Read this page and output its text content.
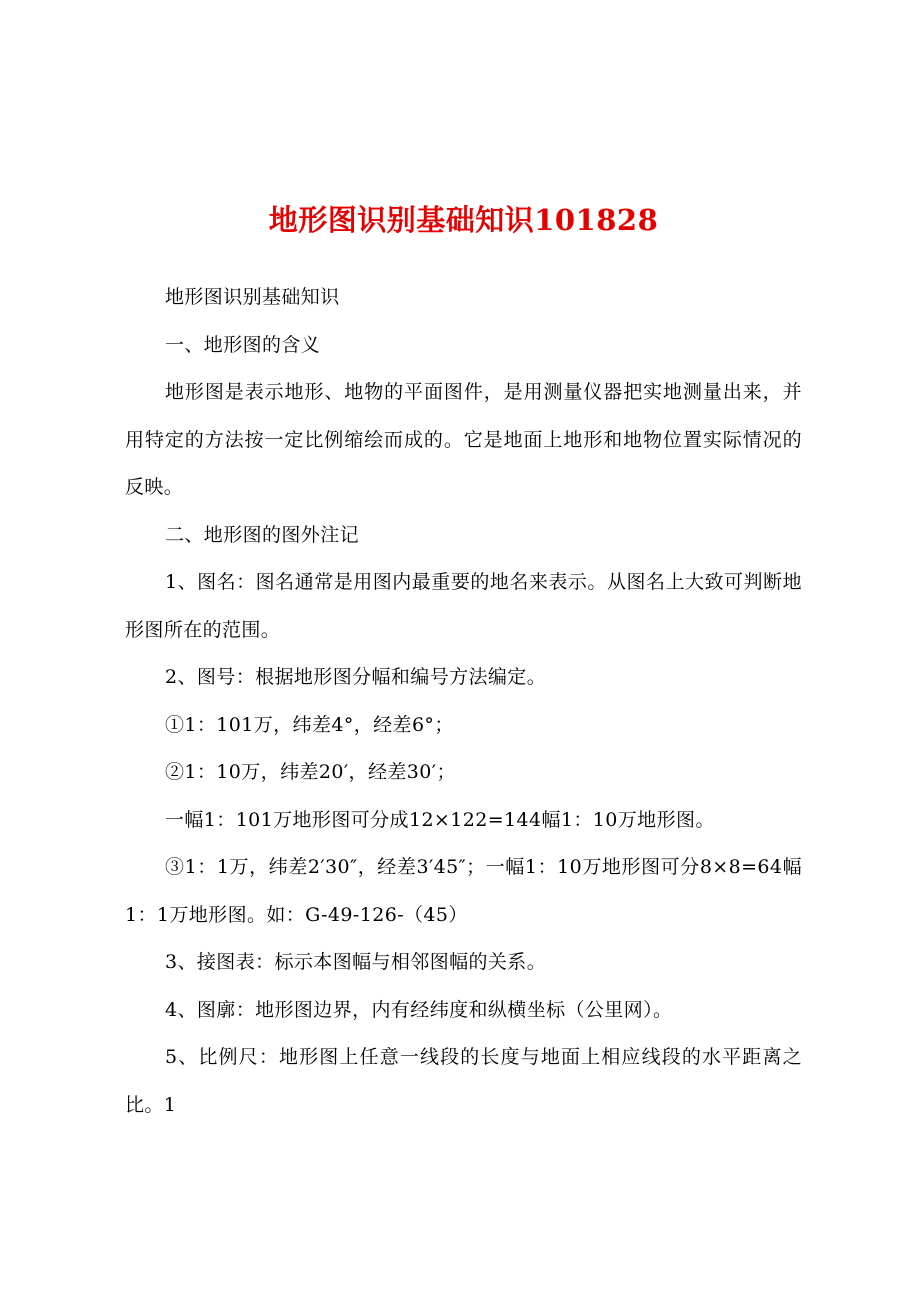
地形图识别基础知识101828

地形图识别基础知识

一、地形图的含义

地形图是表示地形、地物的平面图件，是用测量仪器把实地测量出来，并用特定的方法按一定比例缩绘而成的。它是地面上地形和地物位置实际情况的反映。

二、地形图的图外注记

1、图名：图名通常是用图内最重要的地名来表示。从图名上大致可判断地形图所在的范围。

2、图号：根据地形图分幅和编号方法编定。

①1：101万，纬差4°，经差6°；

②1：10万，纬差20′，经差30′；

一幅1：101万地形图可分成12×122=144幅1：10万地形图。

③1：1万，纬差2′30″，经差3′45″；一幅1：10万地形图可分8×8=64幅1：1万地形图。如：G-49-126-（45）

3、接图表：标示本图幅与相邻图幅的关系。

4、图廓：地形图边界，内有经纬度和纵横坐标（公里网）。

5、比例尺：地形图上任意一线段的长度与地面上相应线段的水平距离之比。1
